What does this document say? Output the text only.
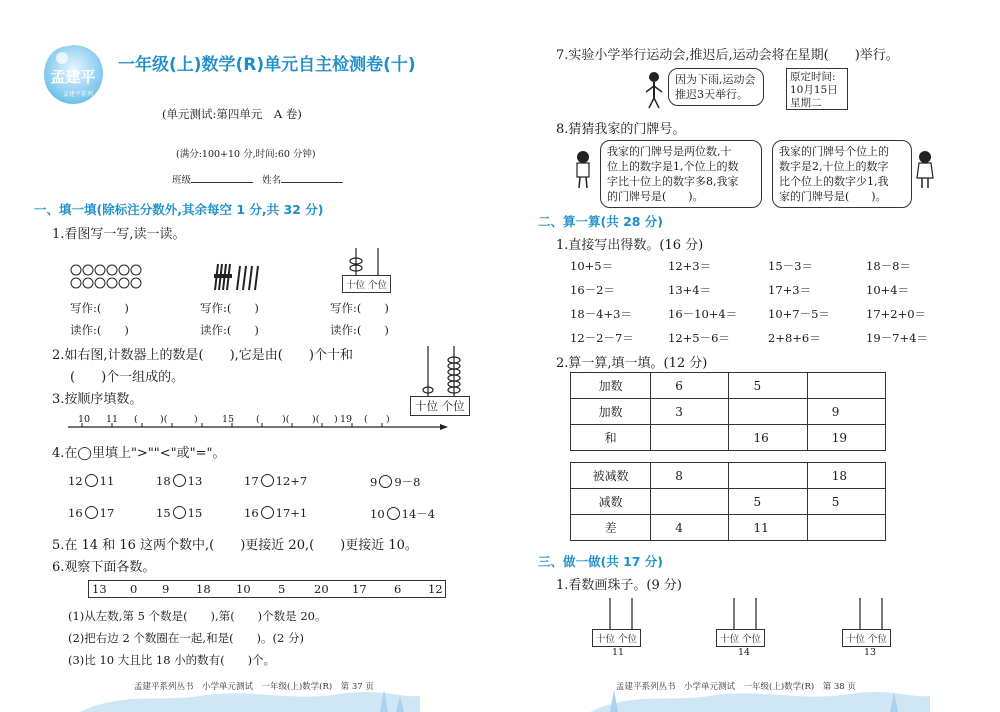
孟建平
孟建平系列
一年级(上)数学(R)单元自主检测卷(十)
(单元测试:第四单元　A 卷)
(满分:100+10 分,时间:60 分钟)
班级	姓名
一、填一填(除标注分数外,其余每空 1 分,共 32 分)
1.看图写一写,读一读。
十位 个位
写作:(　　)	写作:(　　)	写作:(　　)
读作:(　　)	读作:(　　)	读作:(　　)
2.如右图,计数器上的数是(　　),它是由(　　)个十和
(　　)个一组成的。
十位 个位
3.按顺序填数。
10 11 ( )(	)	15 ( )( )( ) 19 ( )
4.在◯里填上">""<"或"="。
12 11	18 13	17 12+7	9 9－8
16 17	15 15	16 17+1	10 14－4
5.在 14 和 16 这两个数中,(　　)更接近 20,(　　)更接近 10。
6.观察下面各数。
13 0 9 18 10 5 20 17 6 12
(1)从左数,第 5 个数是(　　),第(　　)个数是 20。
(2)把右边 2 个数圈在一起,和是(　　)。(2 分)
(3)比 10 大且比 18 小的数有(　　)个。
孟建平系列丛书　小学单元测试　一年级(上)数学(R)　第 37 页
7.实验小学举行运动会,推迟后,运动会将在星期(　　)举行。
因为下雨,运动会推迟3天举行。
原定时间:
10月15日
星期二
8.猜猜我家的门牌号。
我家的门牌号是两位数,十
位上的数字是1,个位上的数
字比十位上的数字多8,我家
的门牌号是(　　)。
我家的门牌号个位上的
数字是2,十位上的数字
比个位上的数字少1,我
家的门牌号是(　　)。
二、算一算(共 28 分)
1.直接写出得数。(16 分)
10+5＝	12+3＝	15－3＝	18－8＝
16－2＝	13+4＝	17+3＝	10+4＝
18－4+3＝	16－10+4＝	10+7－5＝	17+2+0＝
12－2－7＝	12+5－6＝	2+8+6＝	19－7+4＝
2.算一算,填一填。(12 分)
加数	6	5	
加数	3		9
和		16	19
被减数	8		18
减数		5	5
差	4	11	
三、做一做(共 17 分)
1.看数画珠子。(9 分)
十位 个位
11
十位 个位
14
十位 个位
13
孟建平系列丛书　小学单元测试　一年级(上)数学(R)　第 38 页
